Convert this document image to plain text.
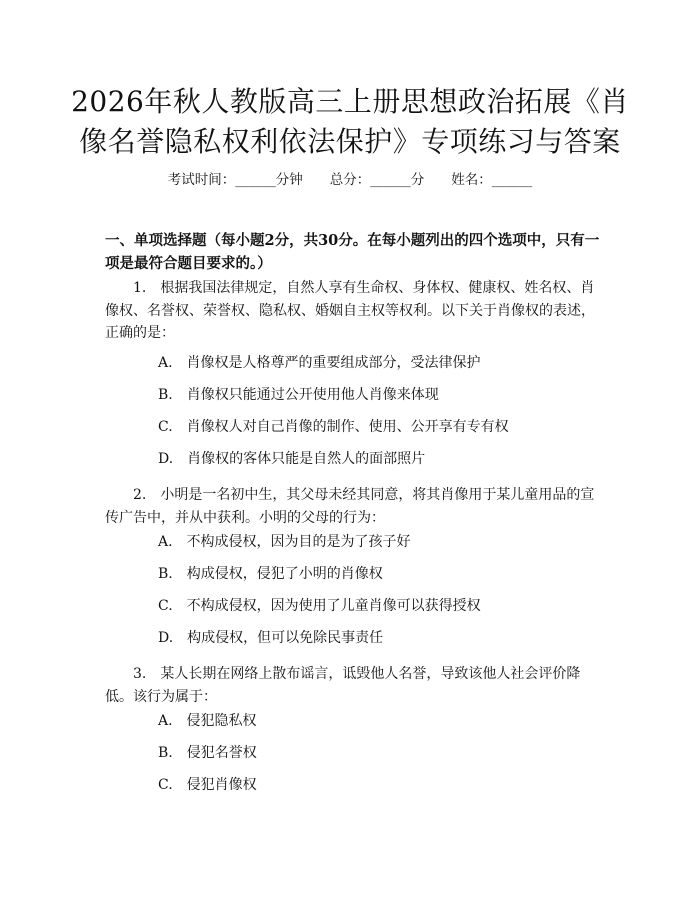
2026年秋人教版高三上册思想政治拓展《肖像名誉隐私权利依法保护》专项练习与答案
考试时间：______分钟　　总分：______分　　姓名：______

一、单项选择题（每小题2分，共30分。在每小题列出的四个选项中，只有一项是最符合题目要求的。）

1.　根据我国法律规定，自然人享有生命权、身体权、健康权、姓名权、肖像权、名誉权、荣誉权、隐私权、婚姻自主权等权利。以下关于肖像权的表述，正确的是：

A.　肖像权是人格尊严的重要组成部分，受法律保护
B.　肖像权只能通过公开使用他人肖像来体现
C.　肖像权人对自己肖像的制作、使用、公开享有专有权
D.　肖像权的客体只能是自然人的面部照片

2.　小明是一名初中生，其父母未经其同意，将其肖像用于某儿童用品的宣传广告中，并从中获利。小明的父母的行为：

A.　不构成侵权，因为目的是为了孩子好
B.　构成侵权，侵犯了小明的肖像权
C.　不构成侵权，因为使用了儿童肖像可以获得授权
D.　构成侵权，但可以免除民事责任

3.　某人长期在网络上散布谣言，诋毁他人名誉，导致该他人社会评价降低。该行为属于：

A.　侵犯隐私权
B.　侵犯名誉权
C.　侵犯肖像权
